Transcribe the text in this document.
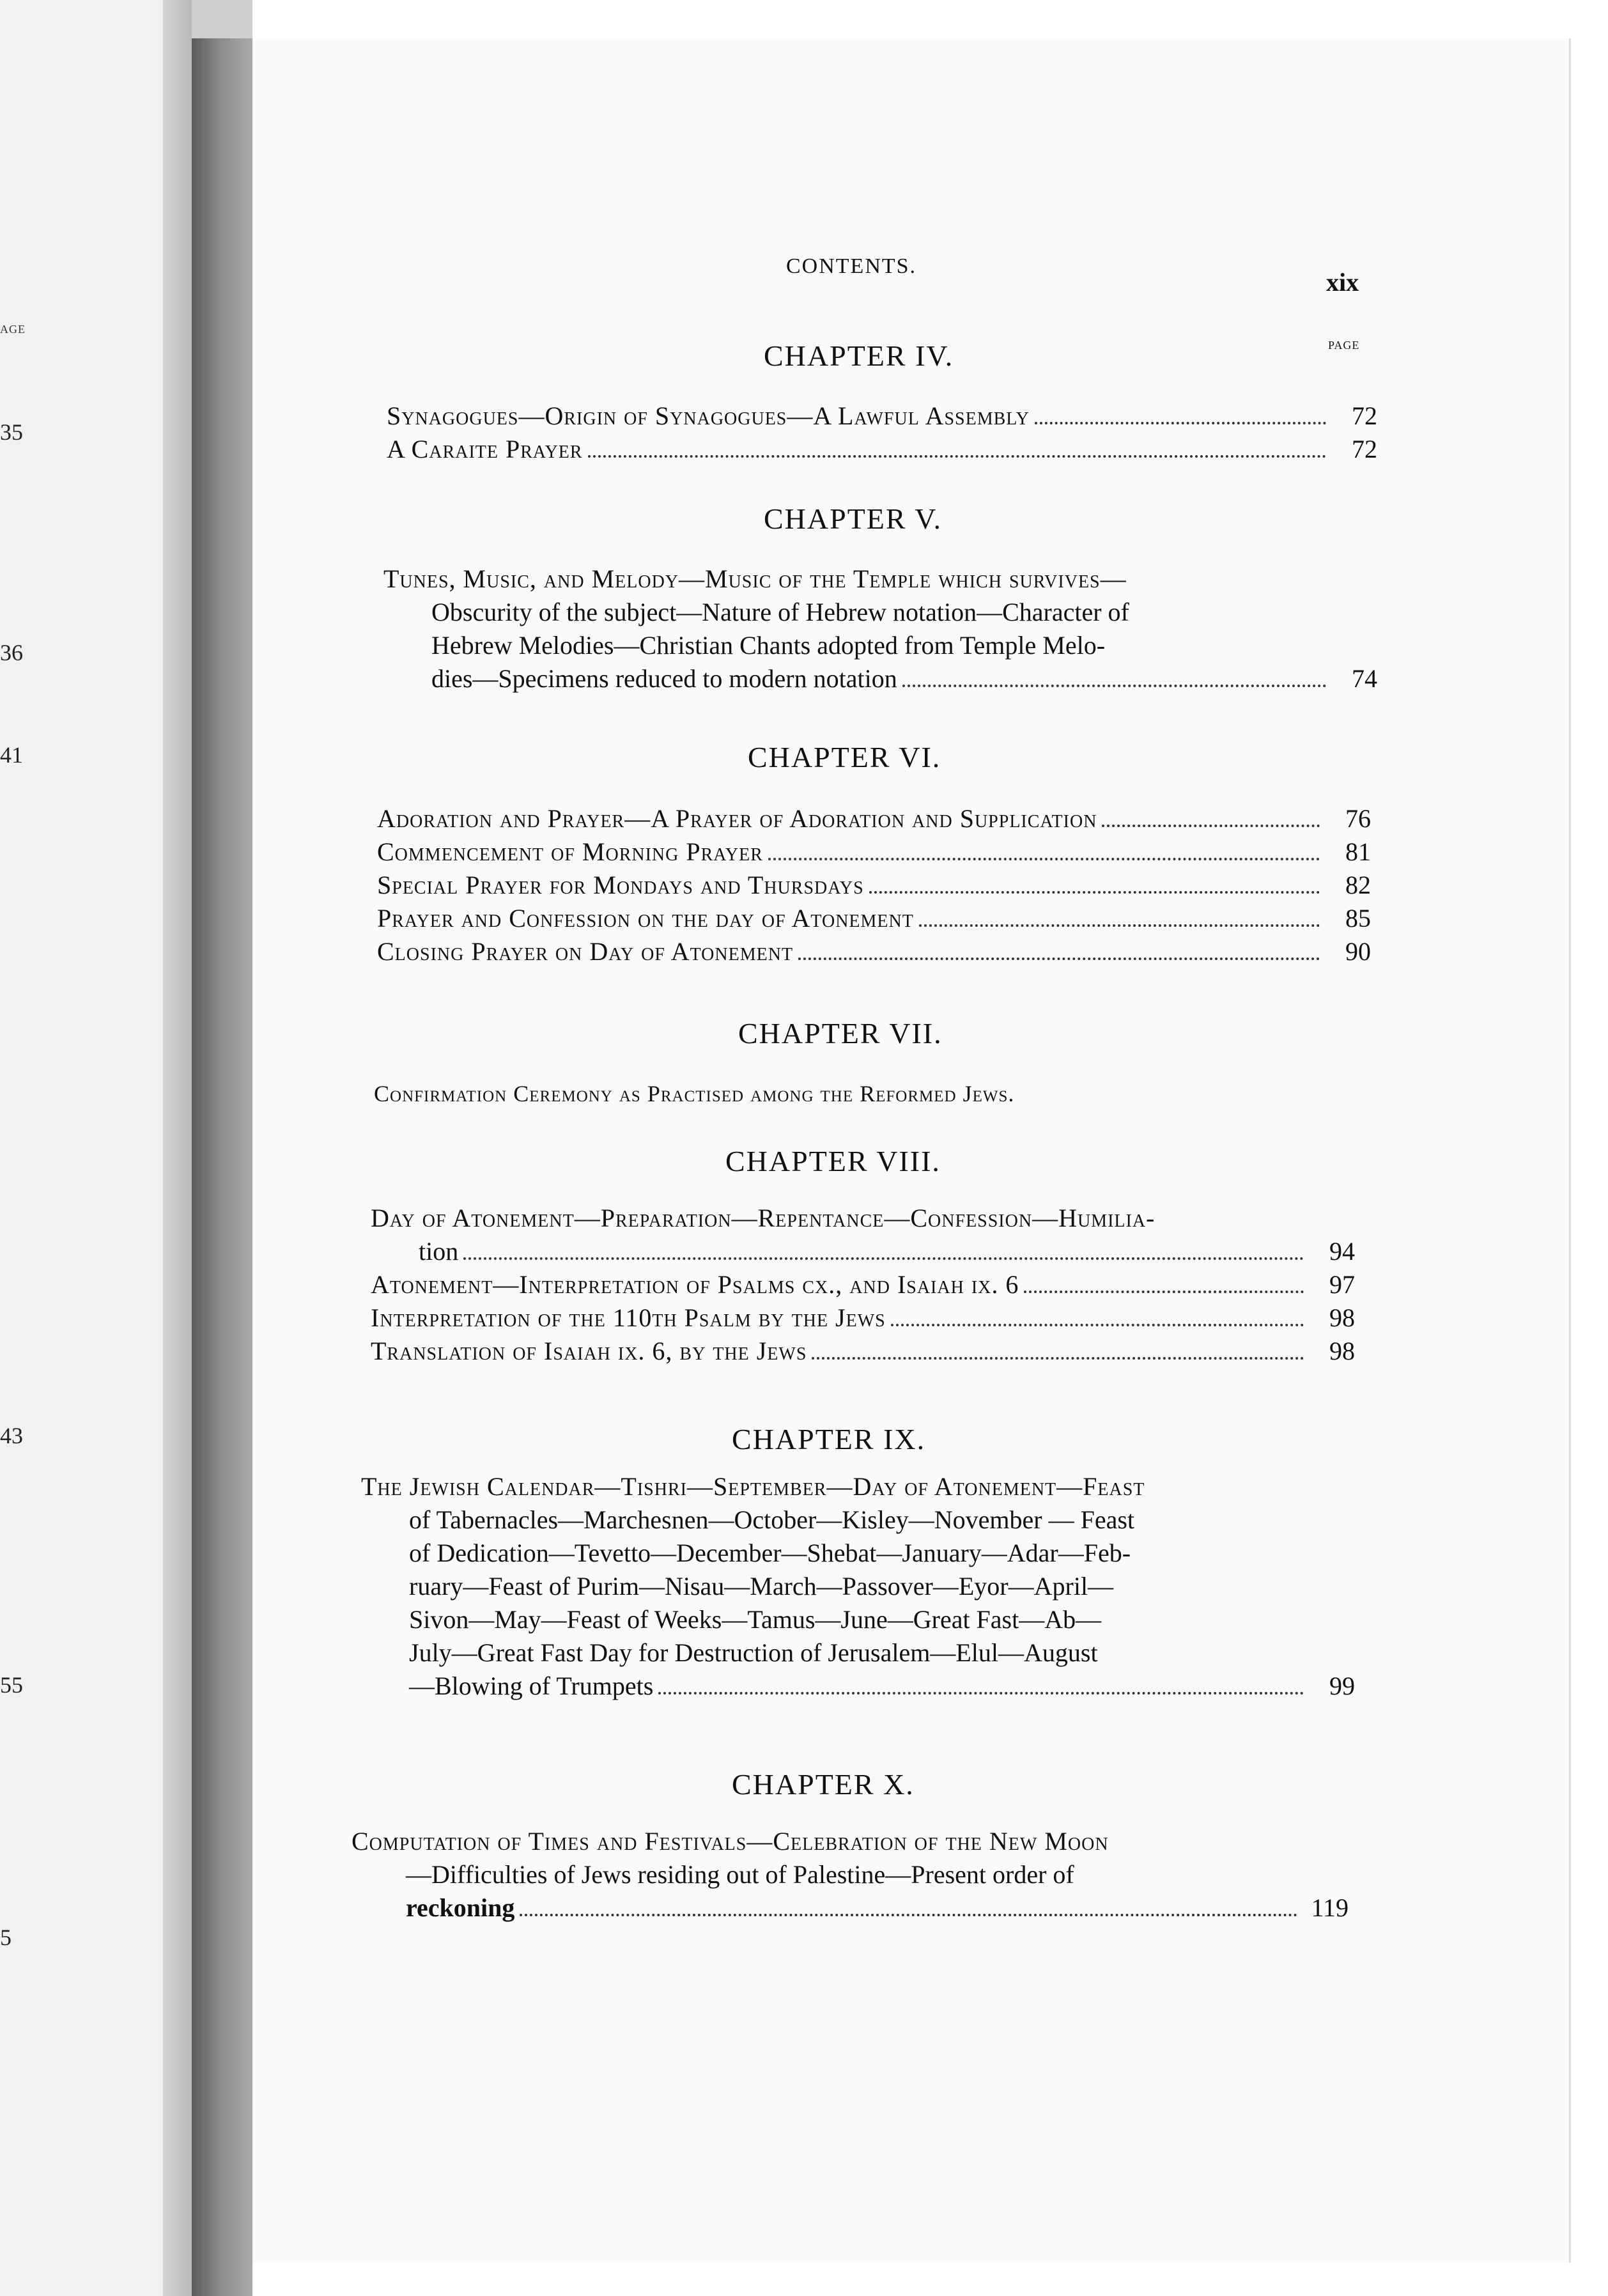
AGE
35
36
41
43
55
5
CONTENTS.
xix
PAGE
CHAPTER IV.
Synagogues—Origin of Synagogues—A Lawful Assembly	72
A Caraite Prayer	72
CHAPTER V.
Tunes, Music, and Melody—Music of the Temple which survives—
Obscurity of the subject—Nature of Hebrew notation—Character of
Hebrew Melodies—Christian Chants adopted from Temple Melo-
dies—Specimens reduced to modern notation	74
CHAPTER VI.
Adoration and Prayer—A Prayer of Adoration and Supplication	76
Commencement of Morning Prayer	81
Special Prayer for Mondays and Thursdays	82
Prayer and Confession on the day of Atonement	85
Closing Prayer on Day of Atonement	90
CHAPTER VII.
Confirmation Ceremony as Practised among the Reformed Jews.
CHAPTER VIII.
Day of Atonement—Preparation—Repentance—Confession—Humilia-
tion	94
Atonement—Interpretation of Psalms cx., and Isaiah ix. 6	97
Interpretation of the 110th Psalm by the Jews	98
Translation of Isaiah ix. 6, by the Jews	98
CHAPTER IX.
The Jewish Calendar—Tishri—September—Day of Atonement—Feast
of Tabernacles—Marchesnen—October—Kisley—November — Feast
of Dedication—Tevetto—December—Shebat—January—Adar—Feb-
ruary—Feast of Purim—Nisau—March—Passover—Eyor—April—
Sivon—May—Feast of Weeks—Tamus—June—Great Fast—Ab—
July—Great Fast Day for Destruction of Jerusalem—Elul—August
—Blowing of Trumpets	99
CHAPTER X.
Computation of Times and Festivals—Celebration of the New Moon
—Difficulties of Jews residing out of Palestine—Present order of
reckoning	119
